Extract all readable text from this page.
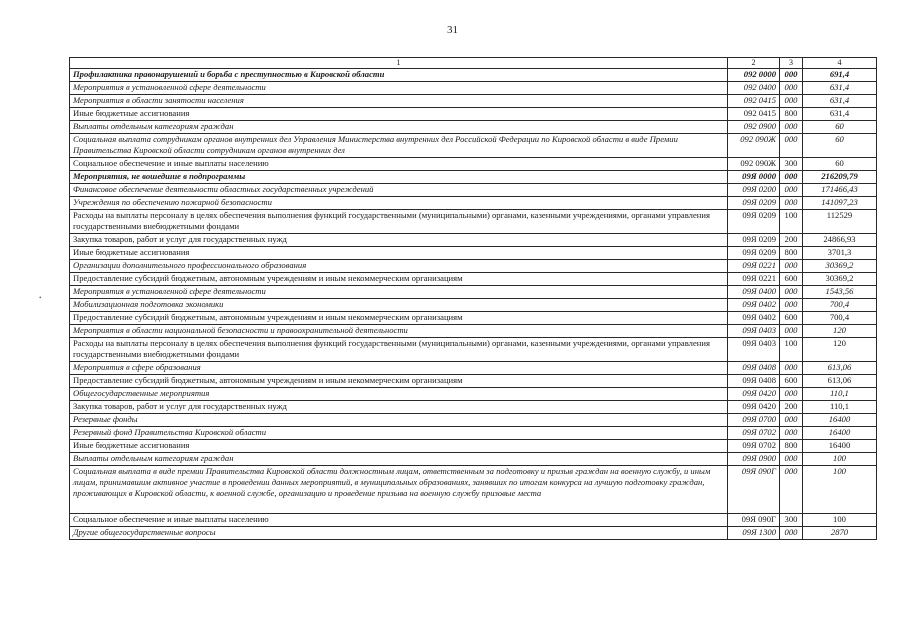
31
•
1	2	3	4
Профилактика правонарушений и борьба с преступностью в Кировской области	092 0000	000	691,4
Мероприятия в установленной сфере деятельности	092 0400	000	631,4
Мероприятия в области занятости населения	092 0415	000	631,4
Иные бюджетные ассигнования	092 0415	800	631,4
Выплаты отдельным категориям граждан	092 0900	000	60
Социальная выплата сотрудникам органов внутренних дел Управления Министерства внутренних дел Российской Федерации по Кировской области в виде Премии Правительства Кировской области сотрудникам органов внутренних дел	092 090Ж	000	60
Социальное обеспечение и иные выплаты населению	092 090Ж	300	60
Мероприятия, не вошедшие в подпрограммы	09Я 0000	000	216209,79
Финансовое обеспечение деятельности областных государственных учреждений	09Я 0200	000	171466,43
Учреждения по обеспечению пожарной безопасности	09Я 0209	000	141097,23
Расходы на выплаты персоналу в целях обеспечения выполнения функций государственными (муниципальными) органами, казенными учреждениями, органами управления государственными внебюджетными фондами	09Я 0209	100	112529
Закупка товаров, работ и услуг для государственных нужд	09Я 0209	200	24866,93
Иные бюджетные ассигнования	09Я 0209	800	3701,3
Организации дополнительного профессионального образования	09Я 0221	000	30369,2
Предоставление субсидий бюджетным, автономным учреждениям и иным некоммерческим организациям	09Я 0221	600	30369,2
Мероприятия в установленной сфере деятельности	09Я 0400	000	1543,56
Мобилизационная подготовка экономики	09Я 0402	000	700,4
Предоставление субсидий бюджетным, автономным учреждениям и иным некоммерческим организациям	09Я 0402	600	700,4
Мероприятия в области национальной безопасности и правоохранительной деятельности	09Я 0403	000	120
Расходы на выплаты персоналу в целях обеспечения выполнения функций государственными (муниципальными) органами, казенными учреждениями, органами управления государственными внебюджетными фондами	09Я 0403	100	120
Мероприятия в сфере образования	09Я 0408	000	613,06
Предоставление субсидий бюджетным, автономным учреждениям и иным некоммерческим организациям	09Я 0408	600	613,06
Общегосударственные мероприятия	09Я 0420	000	110,1
Закупка товаров, работ и услуг для государственных нужд	09Я 0420	200	110,1
Резервные фонды	09Я 0700	000	16400
Резервный фонд Правительства Кировской области	09Я 0702	000	16400
Иные бюджетные ассигнования	09Я 0702	800	16400
Выплаты отдельным категориям граждан	09Я 0900	000	100
Социальная выплата в виде премии Правительства Кировской области должностным лицам, ответственным за подготовку и призыв граждан на военную службу, и иным лицам, принимавшим активное участие в проведении данных мероприятий, в муниципальных образованиях, занявших по итогам конкурса на лучшую подготовку граждан, проживающих в Кировской области, к военной службе, организацию и проведение призыва на военную службу призовые места	09Я 090Г	000	100
Социальное обеспечение и иные выплаты населению	09Я 090Г	300	100
Другие общегосударственные вопросы	09Я 1300	000	2870
